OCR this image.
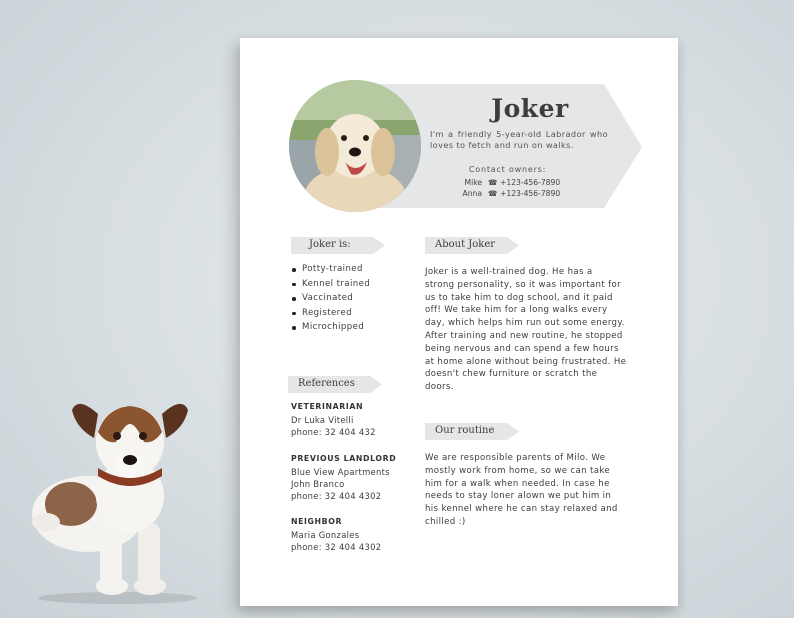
Joker
I'm a friendly 5-year-old Labrador who loves to fetch and run on walks.
Contact owners:
Mike ☎ +123-456-7890
Anna ☎ +123-456-7890
Joker is:
Potty-trained
Kennel trained
Vaccinated
Registered
Microchipped
References
VETERINARIAN
Dr Luka Vitelli
phone: 32 404 432
PREVIOUS LANDLORD
Blue View Apartments
John Branco
phone: 32 404 4302
NEIGHBOR
Maria Gonzales
phone: 32 404 4302
About Joker
Joker is a well-trained dog. He has a
strong personality, so it was important for
us to take him to dog school, and it paid
off! We take him for a long walks every
day, which helps him run out some energy.
After training and new routine, he stopped
being nervous and can spend a few hours
at home alone without being frustrated. He
doesn't chew furniture or scratch the
doors.
Our routine
We are responsible parents of Milo. We
mostly work from home, so we can take
him for a walk when needed. In case he
needs to stay loner alown we put him in
his kennel where he can stay relaxed and
chilled :)
